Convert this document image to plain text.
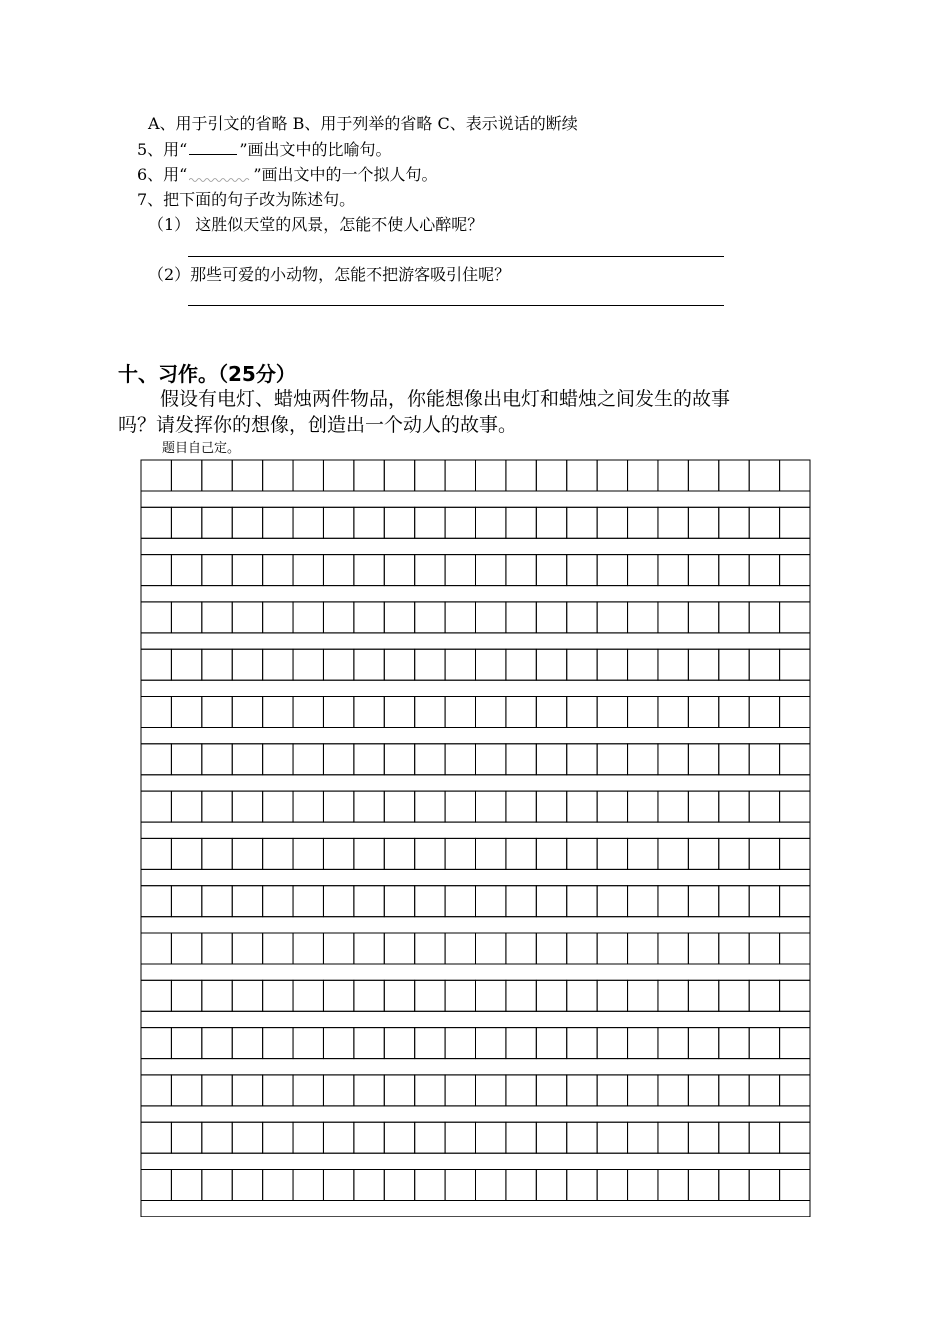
A、用于引文的省略 B、用于列举的省略 C、表示说话的断续
5、用“	”画出文中的比喻句。
6、用“	”画出文中的一个拟人句。
7、把下面的句子改为陈述句。
（1） 这胜似天堂的风景，怎能不使人心醉呢？
（2）那些可爱的小动物，怎能不把游客吸引住呢？
十、习作。（25分）
假设有电灯、蜡烛两件物品，你能想像出电灯和蜡烛之间发生的故事
吗？请发挥你的想像，创造出一个动人的故事。
题目自己定。
